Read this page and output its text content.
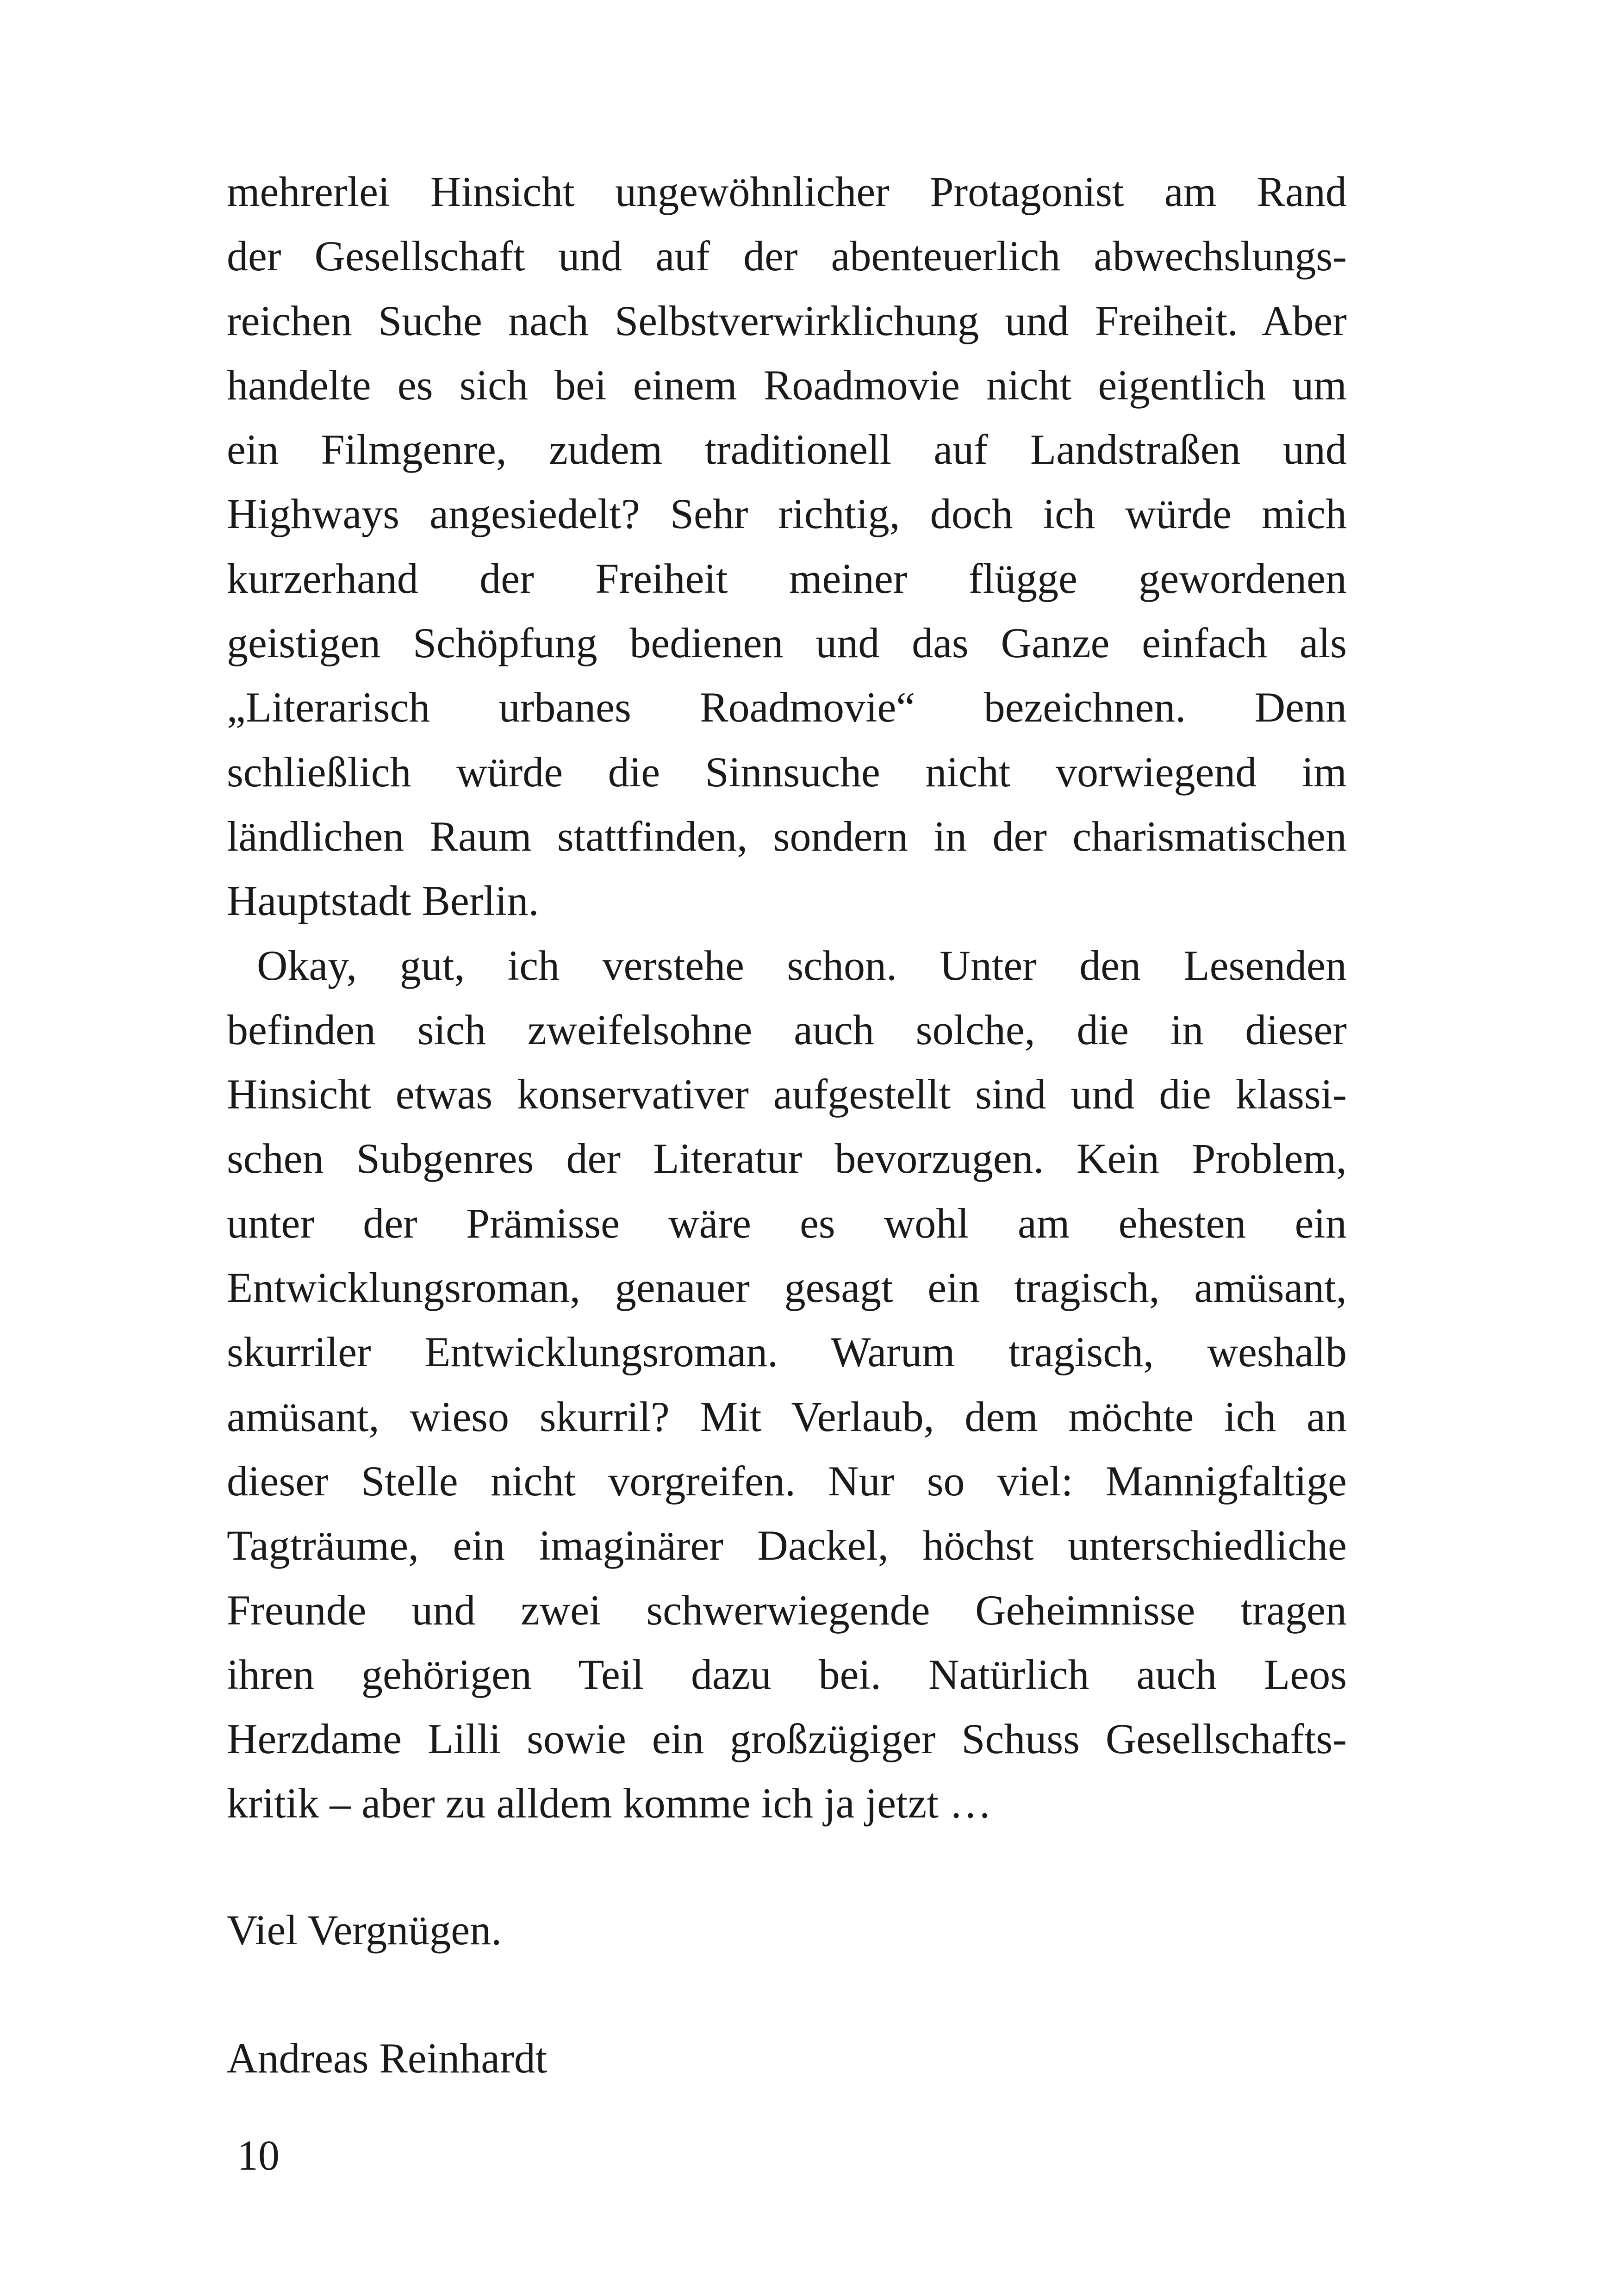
mehrerlei Hinsicht ungewöhnlicher Protagonist am Rand
der Gesellschaft und auf der abenteuerlich abwechslungs-
reichen Suche nach Selbstverwirklichung und Freiheit. Aber
handelte es sich bei einem Roadmovie nicht eigentlich um
ein Filmgenre, zudem traditionell auf Landstraßen und
Highways angesiedelt? Sehr richtig, doch ich würde mich
kurzerhand der Freiheit meiner flügge gewordenen
geistigen Schöpfung bedienen und das Ganze einfach als
„Literarisch urbanes Roadmovie“ bezeichnen. Denn
schließlich würde die Sinnsuche nicht vorwiegend im
ländlichen Raum stattfinden, sondern in der charismatischen
Hauptstadt Berlin.
Okay, gut, ich verstehe schon. Unter den Lesenden
befinden sich zweifelsohne auch solche, die in dieser
Hinsicht etwas konservativer aufgestellt sind und die klassi-
schen Subgenres der Literatur bevorzugen. Kein Problem,
unter der Prämisse wäre es wohl am ehesten ein
Entwicklungsroman, genauer gesagt ein tragisch, amüsant,
skurriler Entwicklungsroman. Warum tragisch, weshalb
amüsant, wieso skurril? Mit Verlaub, dem möchte ich an
dieser Stelle nicht vorgreifen. Nur so viel: Mannigfaltige
Tagträume, ein imaginärer Dackel, höchst unterschiedliche
Freunde und zwei schwerwiegende Geheimnisse tragen
ihren gehörigen Teil dazu bei. Natürlich auch Leos
Herzdame Lilli sowie ein großzügiger Schuss Gesellschafts-
kritik – aber zu alldem komme ich ja jetzt …
Viel Vergnügen.
Andreas Reinhardt
10
